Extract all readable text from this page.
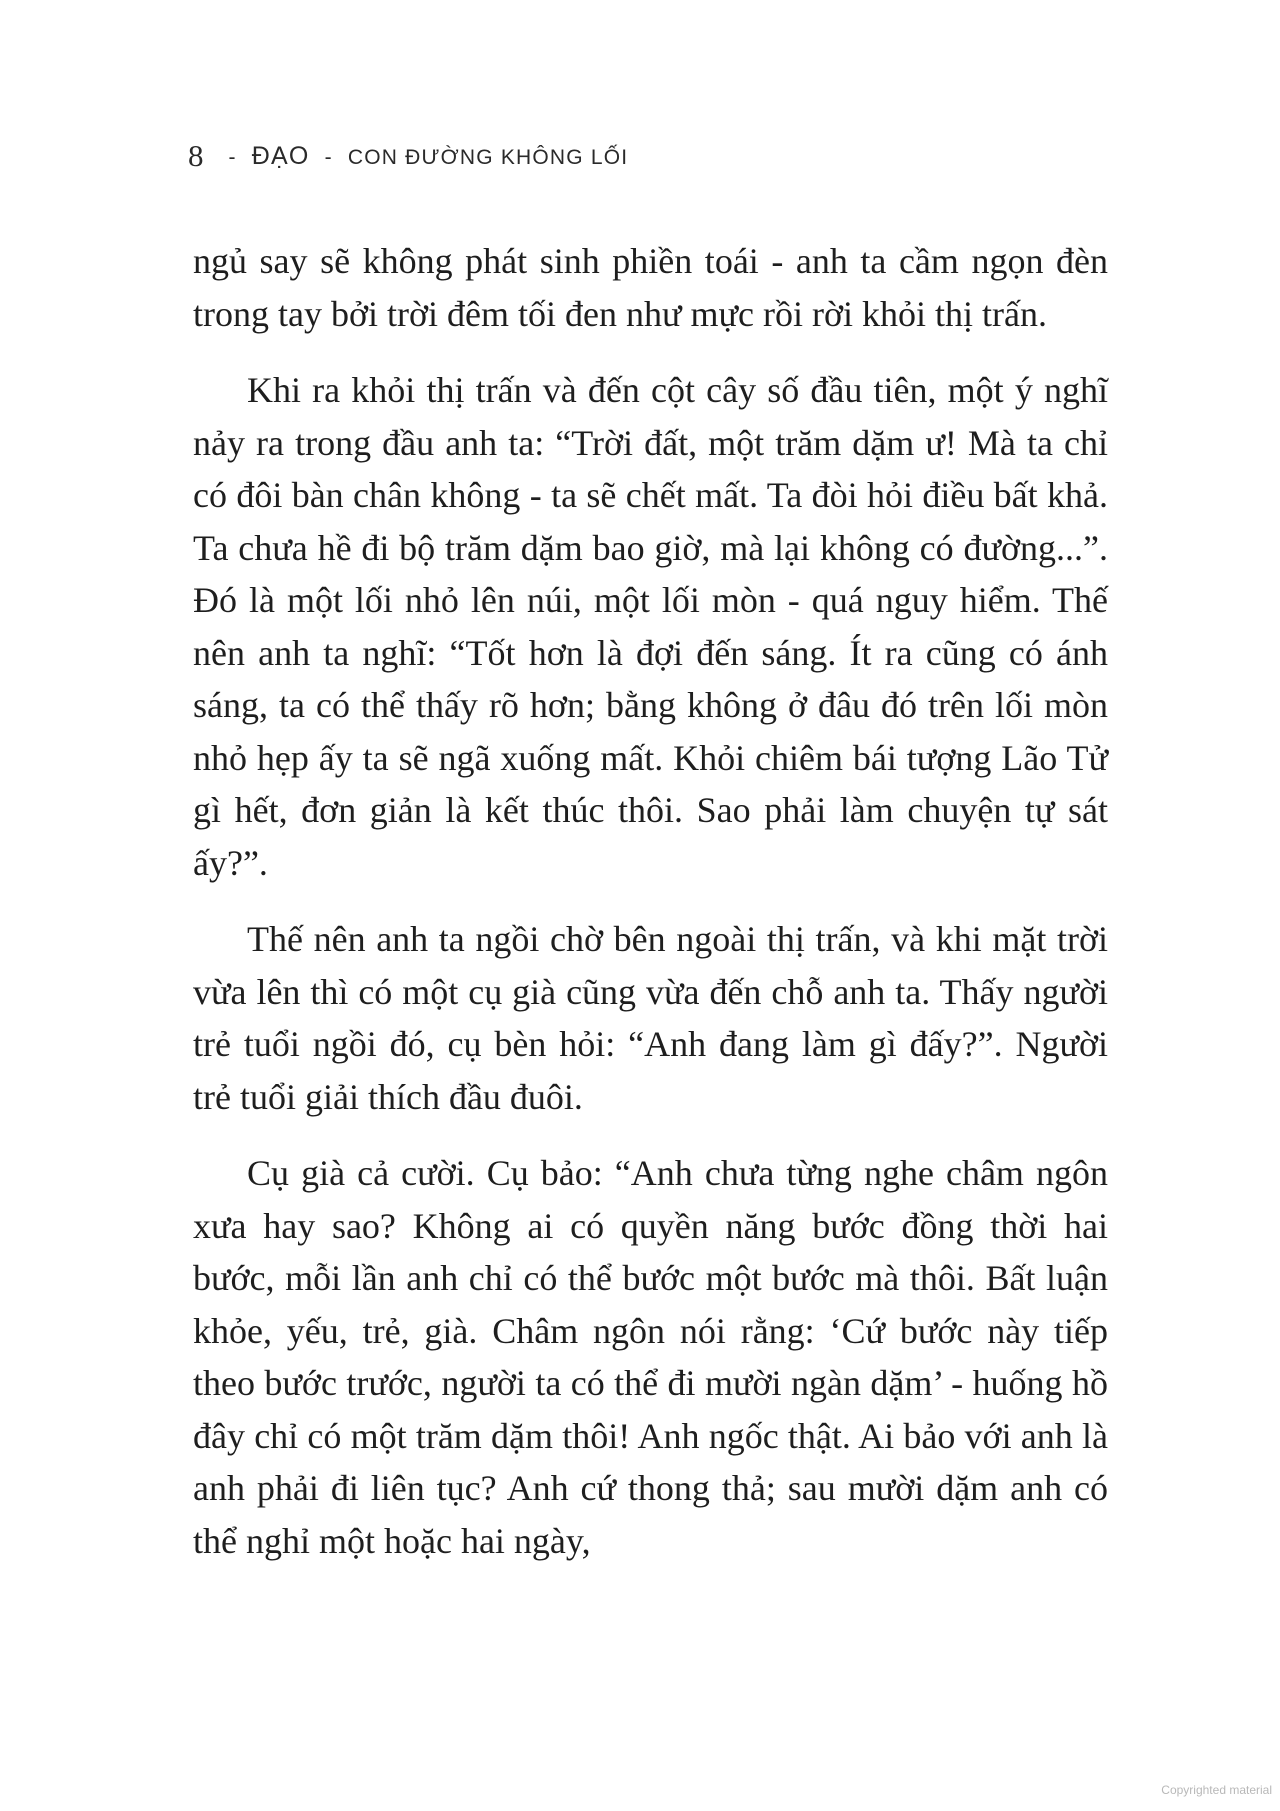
8 - ĐẠO - CON ĐƯỜNG KHÔNG LỐI

ngủ say sẽ không phát sinh phiền toái - anh ta cầm ngọn đèn trong tay bởi trời đêm tối đen như mực rồi rời khỏi thị trấn.

Khi ra khỏi thị trấn và đến cột cây số đầu tiên, một ý nghĩ nảy ra trong đầu anh ta: “Trời đất, một trăm dặm ư! Mà ta chỉ có đôi bàn chân không - ta sẽ chết mất. Ta đòi hỏi điều bất khả. Ta chưa hề đi bộ trăm dặm bao giờ, mà lại không có đường...”. Đó là một lối nhỏ lên núi, một lối mòn - quá nguy hiểm. Thế nên anh ta nghĩ: “Tốt hơn là đợi đến sáng. Ít ra cũng có ánh sáng, ta có thể thấy rõ hơn; bằng không ở đâu đó trên lối mòn nhỏ hẹp ấy ta sẽ ngã xuống mất. Khỏi chiêm bái tượng Lão Tử gì hết, đơn giản là kết thúc thôi. Sao phải làm chuyện tự sát ấy?”.

Thế nên anh ta ngồi chờ bên ngoài thị trấn, và khi mặt trời vừa lên thì có một cụ già cũng vừa đến chỗ anh ta. Thấy người trẻ tuổi ngồi đó, cụ bèn hỏi: “Anh đang làm gì đấy?”. Người trẻ tuổi giải thích đầu đuôi.

Cụ già cả cười. Cụ bảo: “Anh chưa từng nghe châm ngôn xưa hay sao? Không ai có quyền năng bước đồng thời hai bước, mỗi lần anh chỉ có thể bước một bước mà thôi. Bất luận khỏe, yếu, trẻ, già. Châm ngôn nói rằng: ‘Cứ bước này tiếp theo bước trước, người ta có thể đi mười ngàn dặm’ - huống hồ đây chỉ có một trăm dặm thôi! Anh ngốc thật. Ai bảo với anh là anh phải đi liên tục? Anh cứ thong thả; sau mười dặm anh có thể nghỉ một hoặc hai ngày,

Copyrighted material
